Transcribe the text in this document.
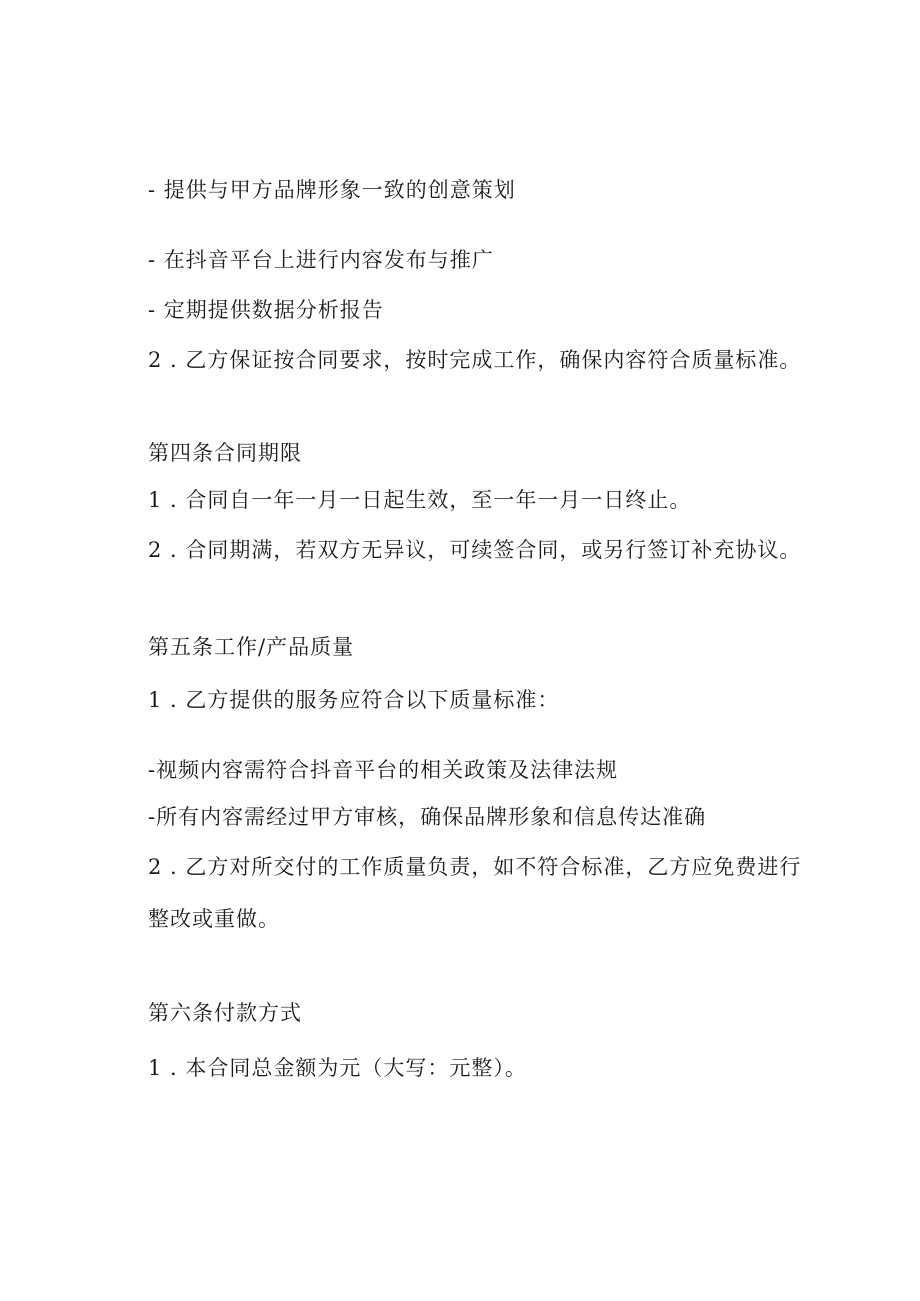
- 提供与甲方品牌形象一致的创意策划
- 在抖音平台上进行内容发布与推广
- 定期提供数据分析报告
2 . 乙方保证按合同要求，按时完成工作，确保内容符合质量标准。
第四条合同期限
1 . 合同自一年一月一日起生效，至一年一月一日终止。
2 . 合同期满，若双方无异议，可续签合同，或另行签订补充协议。
第五条工作/产品质量
1 . 乙方提供的服务应符合以下质量标准：
-视频内容需符合抖音平台的相关政策及法律法规
-所有内容需经过甲方审核，确保品牌形象和信息传达准确
2 . 乙方对所交付的工作质量负责，如不符合标准，乙方应免费进行整改或重做。
第六条付款方式
1 . 本合同总金额为元（大写：元整）。
